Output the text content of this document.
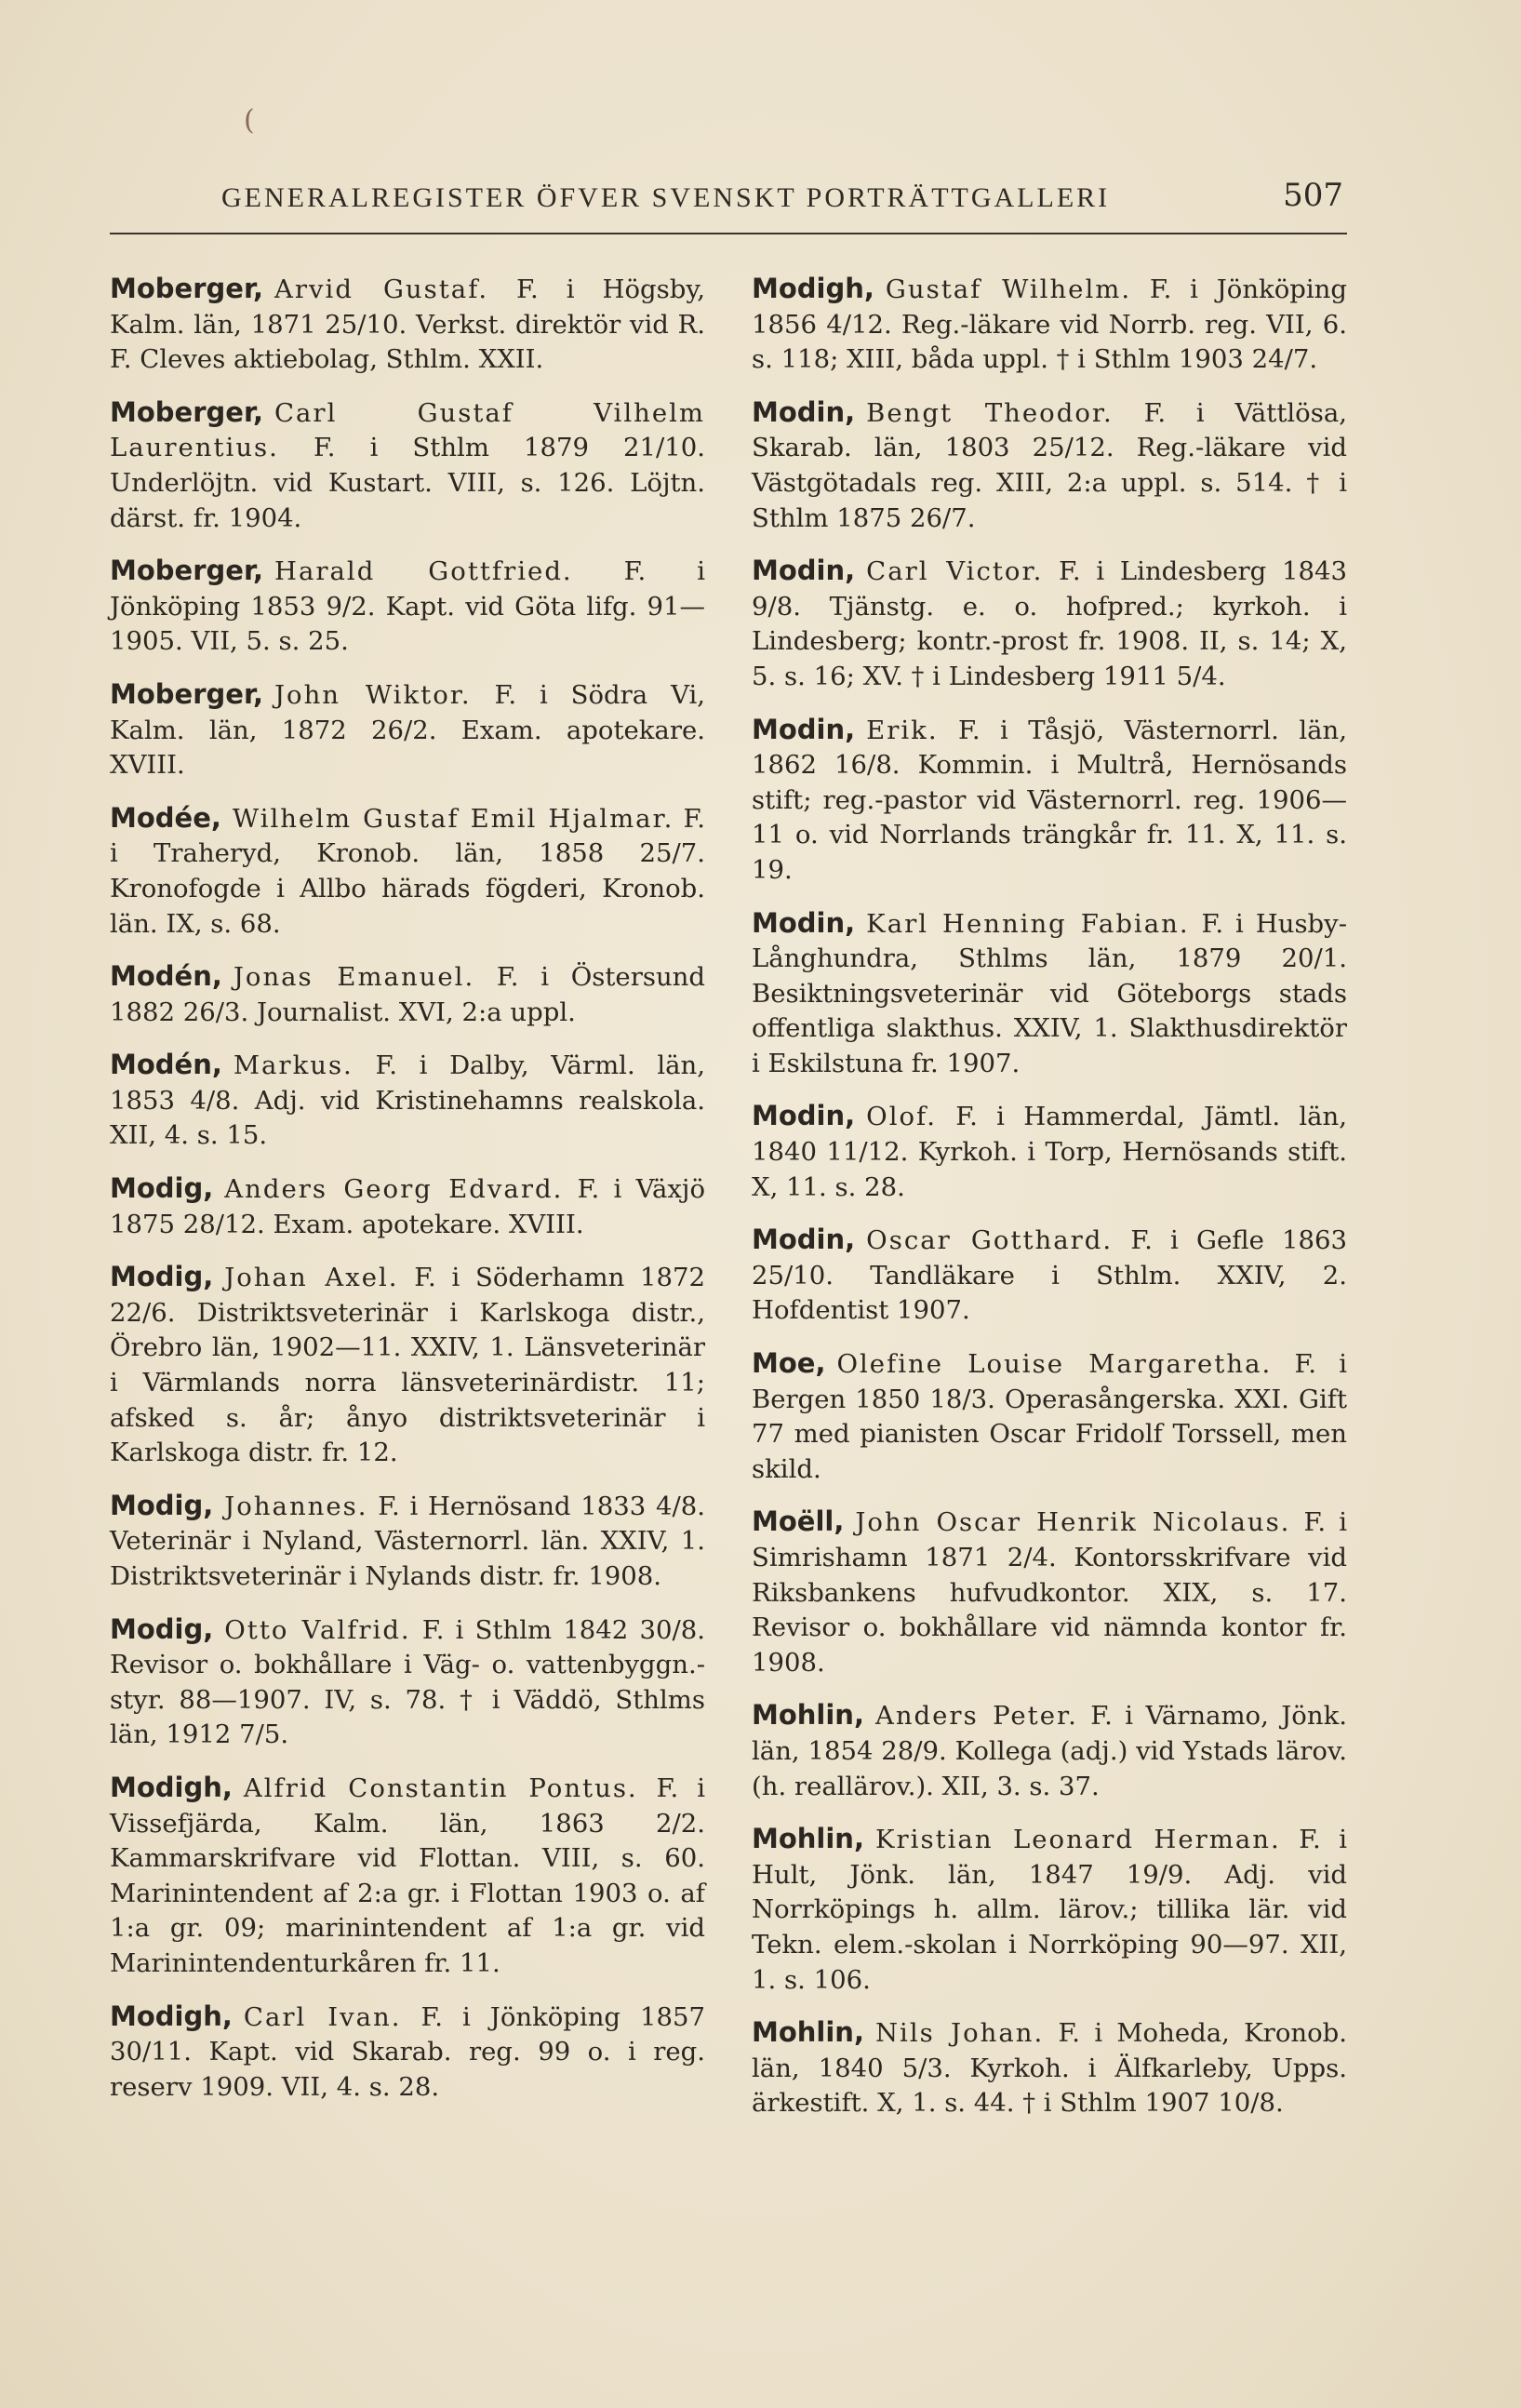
(
GENERALREGISTER ÖFVER SVENSKT PORTRÄTTGALLERI	507

Moberger, Arvid Gustaf. F. i Högsby, Kalm. län, 1871 25/10. Verkst. direktör vid R. F. Cleves aktiebolag, Sthlm. XXII.

Moberger, Carl Gustaf Vilhelm Laurentius. F. i Sthlm 1879 21/10. Underlöjtn. vid Kustart. VIII, s. 126. Löjtn. därst. fr. 1904.

Moberger, Harald Gottfried. F. i Jönköping 1853 9/2. Kapt. vid Göta lifg. 91—1905. VII, 5. s. 25.

Moberger, John Wiktor. F. i Södra Vi, Kalm. län, 1872 26/2. Exam. apotekare. XVIII.

Modée, Wilhelm Gustaf Emil Hjalmar. F. i Traheryd, Kronob. län, 1858 25/7. Kronofogde i Allbo härads fögderi, Kronob. län. IX, s. 68.

Modén, Jonas Emanuel. F. i Östersund 1882 26/3. Journalist. XVI, 2:a uppl.

Modén, Markus. F. i Dalby, Värml. län, 1853 4/8. Adj. vid Kristinehamns realskola. XII, 4. s. 15.

Modig, Anders Georg Edvard. F. i Växjö 1875 28/12. Exam. apotekare. XVIII.

Modig, Johan Axel. F. i Söderhamn 1872 22/6. Distriktsveterinär i Karlskoga distr., Örebro län, 1902—11. XXIV, 1. Länsveterinär i Värmlands norra länsveterinärdistr. 11; afsked s. år; ånyo distriktsveterinär i Karlskoga distr. fr. 12.

Modig, Johannes. F. i Hernösand 1833 4/8. Veterinär i Nyland, Västernorrl. län. XXIV, 1. Distriktsveterinär i Nylands distr. fr. 1908.

Modig, Otto Valfrid. F. i Sthlm 1842 30/8. Revisor o. bokhållare i Väg- o. vattenbyggn.-styr. 88—1907. IV, s. 78. † i Väddö, Sthlms län, 1912 7/5.

Modigh, Alfrid Constantin Pontus. F. i Vissefjärda, Kalm. län, 1863 2/2. Kammarskrifvare vid Flottan. VIII, s. 60. Marinintendent af 2:a gr. i Flottan 1903 o. af 1:a gr. 09; marinintendent af 1:a gr. vid Marinintendenturkåren fr. 11.

Modigh, Carl Ivan. F. i Jönköping 1857 30/11. Kapt. vid Skarab. reg. 99 o. i reg. reserv 1909. VII, 4. s. 28.

Modigh, Gustaf Wilhelm. F. i Jönköping 1856 4/12. Reg.-läkare vid Norrb. reg. VII, 6. s. 118; XIII, båda uppl. † i Sthlm 1903 24/7.

Modin, Bengt Theodor. F. i Vättlösa, Skarab. län, 1803 25/12. Reg.-läkare vid Västgötadals reg. XIII, 2:a uppl. s. 514. † i Sthlm 1875 26/7.

Modin, Carl Victor. F. i Lindesberg 1843 9/8. Tjänstg. e. o. hofpred.; kyrkoh. i Lindesberg; kontr.-prost fr. 1908. II, s. 14; X, 5. s. 16; XV. † i Lindesberg 1911 5/4.

Modin, Erik. F. i Tåsjö, Västernorrl. län, 1862 16/8. Kommin. i Multrå, Hernösands stift; reg.-pastor vid Västernorrl. reg. 1906—11 o. vid Norrlands trängkår fr. 11. X, 11. s. 19.

Modin, Karl Henning Fabian. F. i Husby-Långhundra, Sthlms län, 1879 20/1. Besiktningsveterinär vid Göteborgs stads offentliga slakthus. XXIV, 1. Slakthusdirektör i Eskilstuna fr. 1907.

Modin, Olof. F. i Hammerdal, Jämtl. län, 1840 11/12. Kyrkoh. i Torp, Hernösands stift. X, 11. s. 28.

Modin, Oscar Gotthard. F. i Gefle 1863 25/10. Tandläkare i Sthlm. XXIV, 2. Hofdentist 1907.

Moe, Olefine Louise Margaretha. F. i Bergen 1850 18/3. Operasångerska. XXI. Gift 77 med pianisten Oscar Fridolf Torssell, men skild.

Moëll, John Oscar Henrik Nicolaus. F. i Simrishamn 1871 2/4. Kontorsskrifvare vid Riksbankens hufvudkontor. XIX, s. 17. Revisor o. bokhållare vid nämnda kontor fr. 1908.

Mohlin, Anders Peter. F. i Värnamo, Jönk. län, 1854 28/9. Kollega (adj.) vid Ystads lärov. (h. reallärov.). XII, 3. s. 37.

Mohlin, Kristian Leonard Herman. F. i Hult, Jönk. län, 1847 19/9. Adj. vid Norrköpings h. allm. lärov.; tillika lär. vid Tekn. elem.-skolan i Norrköping 90—97. XII, 1. s. 106.

Mohlin, Nils Johan. F. i Moheda, Kronob. län, 1840 5/3. Kyrkoh. i Älfkarleby, Upps. ärkestift. X, 1. s. 44. † i Sthlm 1907 10/8.
